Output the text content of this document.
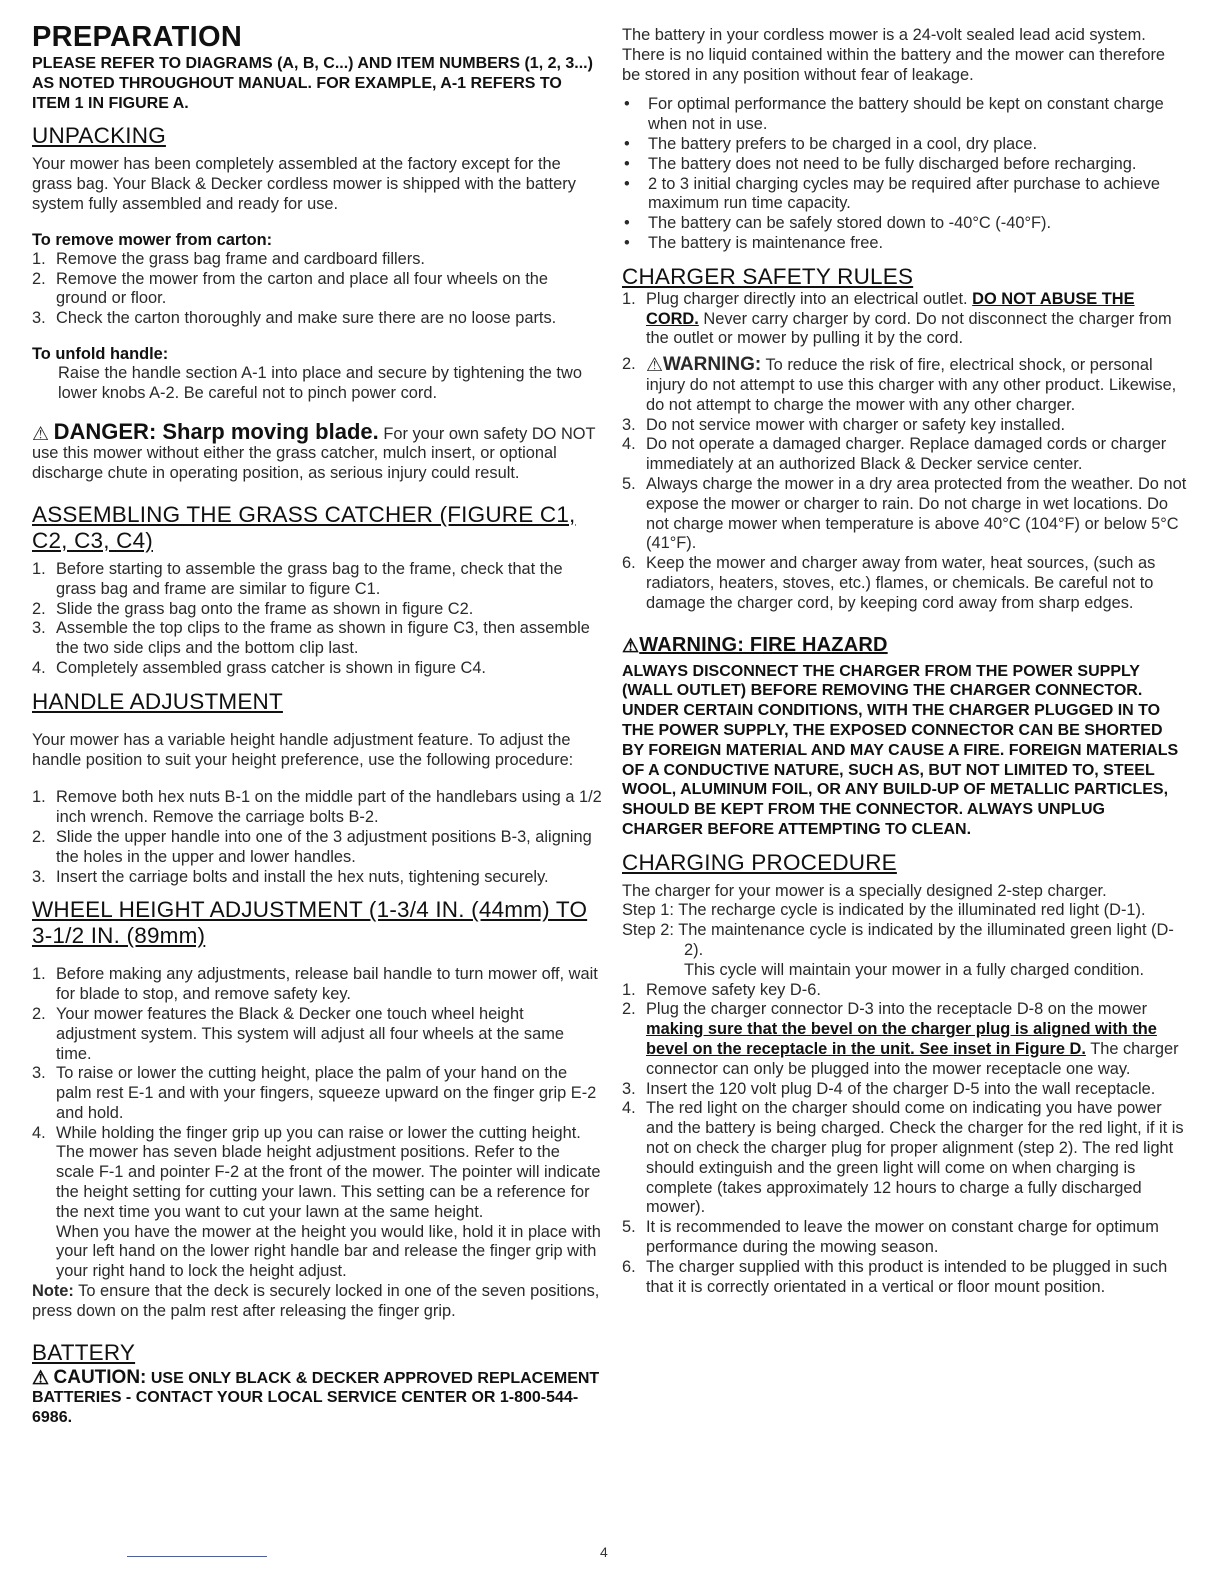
PREPARATION
PLEASE REFER TO DIAGRAMS (A, B, C...) AND ITEM NUMBERS (1, 2, 3...) AS NOTED THROUGHOUT MANUAL. FOR EXAMPLE, A-1 REFERS TO ITEM 1 IN FIGURE A.
UNPACKING

Your mower has been completely assembled at the factory except for the grass bag. Your Black & Decker cordless mower is shipped with the battery system fully assembled and ready for use.

To remove mower from carton:
1. Remove the grass bag frame and cardboard fillers.
2. Remove the mower from the carton and place all four wheels on the ground or floor.
3. Check the carton thoroughly and make sure there are no loose parts.
To unfold handle:

Raise the handle section A-1 into place and secure by tightening the two lower knobs A-2. Be careful not to pinch power cord.

⚠ DANGER: Sharp moving blade. For your own safety DO NOT use this mower without either the grass catcher, mulch insert, or optional discharge chute in operating position, as serious injury could result.

ASSEMBLING THE GRASS CATCHER (FIGURE C1, C2, C3, C4)
1. Before starting to assemble the grass bag to the frame, check that the grass bag and frame are similar to figure C1.
2. Slide the grass bag onto the frame as shown in figure C2.
3. Assemble the top clips to the frame as shown in figure C3, then assemble the two side clips and the bottom clip last.
4. Completely assembled grass catcher is shown in figure C4.
HANDLE ADJUSTMENT

Your mower has a variable height handle adjustment feature. To adjust the handle position to suit your height preference, use the following procedure:

1. Remove both hex nuts B-1 on the middle part of the handlebars using a 1/2 inch wrench. Remove the carriage bolts B-2.
2. Slide the upper handle into one of the 3 adjustment positions B-3, aligning the holes in the upper and lower handles.
3. Insert the carriage bolts and install the hex nuts, tightening securely.
WHEEL HEIGHT ADJUSTMENT (1-3/4 IN. (44mm) TO 3-1/2 IN. (89mm)
1. Before making any adjustments, release bail handle to turn mower off, wait for blade to stop, and remove safety key.
2. Your mower features the Black & Decker one touch wheel height adjustment system. This system will adjust all four wheels at the same time.
3. To raise or lower the cutting height, place the palm of your hand on the palm rest E-1 and with your fingers, squeeze upward on the finger grip E-2 and hold.
4. While holding the finger grip up you can raise or lower the cutting height. The mower has seven blade height adjustment positions. Refer to the scale F-1 and pointer F-2 at the front of the mower. The pointer will indicate the height setting for cutting your lawn. This setting can be a reference for the next time you want to cut your lawn at the same height.

When you have the mower at the height you would like, hold it in place with your left hand on the lower right handle bar and release the finger grip with your right hand to lock the height adjust.

Note: To ensure that the deck is securely locked in one of the seven positions, press down on the palm rest after releasing the finger grip.

BATTERY
⚠ CAUTION: USE ONLY BLACK & DECKER APPROVED REPLACEMENT BATTERIES - CONTACT YOUR LOCAL SERVICE CENTER OR 1-800-544-6986.

The battery in your cordless mower is a 24-volt sealed lead acid system. There is no liquid contained within the battery and the mower can therefore be stored in any position without fear of leakage.

•	For optimal performance the battery should be kept on constant charge when not in use.
•	The battery prefers to be charged in a cool, dry place.
•	The battery does not need to be fully discharged before recharging.
•	2 to 3 initial charging cycles may be required after purchase to achieve maximum run time capacity.
•	The battery can be safely stored down to -40°C (-40°F).
•	The battery is maintenance free.
CHARGER SAFETY RULES
1. Plug charger directly into an electrical outlet. DO NOT ABUSE THE CORD. Never carry charger by cord. Do not disconnect the charger from the outlet or mower by pulling it by the cord.
2. ⚠WARNING: To reduce the risk of fire, electrical shock, or personal injury do not attempt to use this charger with any other product. Likewise, do not attempt to charge the mower with any other charger.
3. Do not service mower with charger or safety key installed.
4. Do not operate a damaged charger. Replace damaged cords or charger immediately at an authorized Black & Decker service center.
5. Always charge the mower in a dry area protected from the weather. Do not expose the mower or charger to rain. Do not charge in wet locations. Do not charge mower when temperature is above 40°C (104°F) or below 5°C (41°F).
6. Keep the mower and charger away from water, heat sources, (such as radiators, heaters, stoves, etc.) flames, or chemicals. Be careful not to damage the charger cord, by keeping cord away from sharp edges.
⚠WARNING: FIRE HAZARD
ALWAYS DISCONNECT THE CHARGER FROM THE POWER SUPPLY (WALL OUTLET) BEFORE REMOVING THE CHARGER CONNECTOR. UNDER CERTAIN CONDITIONS, WITH THE CHARGER PLUGGED IN TO THE POWER SUPPLY, THE EXPOSED CONNECTOR CAN BE SHORTED BY FOREIGN MATERIAL AND MAY CAUSE A FIRE. FOREIGN MATERIALS OF A CONDUCTIVE NATURE, SUCH AS, BUT NOT LIMITED TO, STEEL WOOL, ALUMINUM FOIL, OR ANY BUILD-UP OF METALLIC PARTICLES, SHOULD BE KEPT FROM THE CONNECTOR. ALWAYS UNPLUG CHARGER BEFORE ATTEMPTING TO CLEAN.
CHARGING PROCEDURE

The charger for your mower is a specially designed 2-step charger.

Step 1: The recharge cycle is indicated by the illuminated red light (D-1).

Step 2: The maintenance cycle is indicated by the illuminated green light (D-2).

This cycle will maintain your mower in a fully charged condition.

1. Remove safety key D-6.
2. Plug the charger connector D-3 into the receptacle D-8 on the mower making sure that the bevel on the charger plug is aligned with the bevel on the receptacle in the unit. See inset in Figure D. The charger connector can only be plugged into the mower receptacle one way.
3. Insert the 120 volt plug D-4 of the charger D-5 into the wall receptacle.
4. The red light on the charger should come on indicating you have power and the battery is being charged. Check the charger for the red light, if it is not on check the charger plug for proper alignment (step 2). The red light should extinguish and the green light will come on when charging is complete (takes approximately 12 hours to charge a fully discharged mower).
5. It is recommended to leave the mower on constant charge for optimum performance during the mowing season.
6. The charger supplied with this product is intended to be plugged in such that it is correctly orientated in a vertical or floor mount position.
4
